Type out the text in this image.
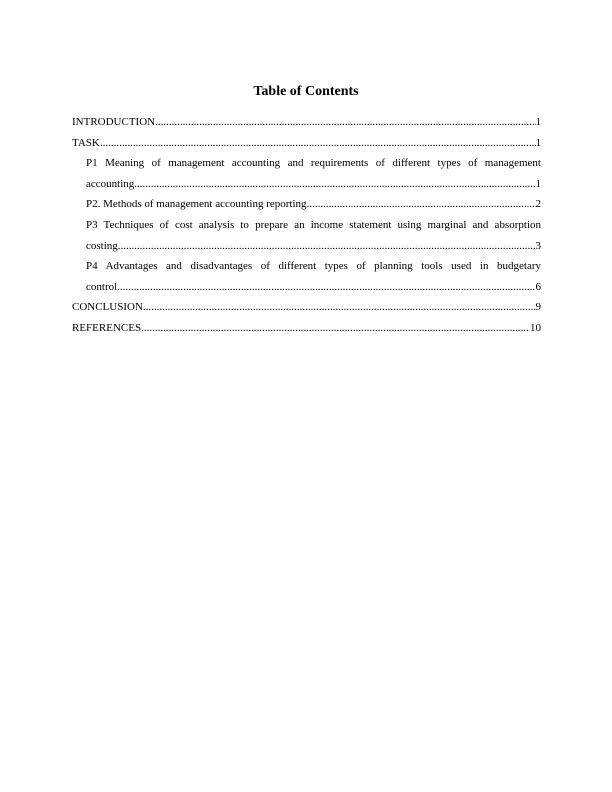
Table of Contents
INTRODUCTION .....	1
TASK .....	1
P1 Meaning of management accounting and requirements of different types of management
accounting .....	1
P2. Methods of management accounting reporting .....	2
P3 Techniques of cost analysis to prepare an income statement using marginal and absorption
costing .....	3
P4 Advantages and disadvantages of different types of planning tools used in budgetary
control .....	6
CONCLUSION .....	9
REFERENCES .....	10
